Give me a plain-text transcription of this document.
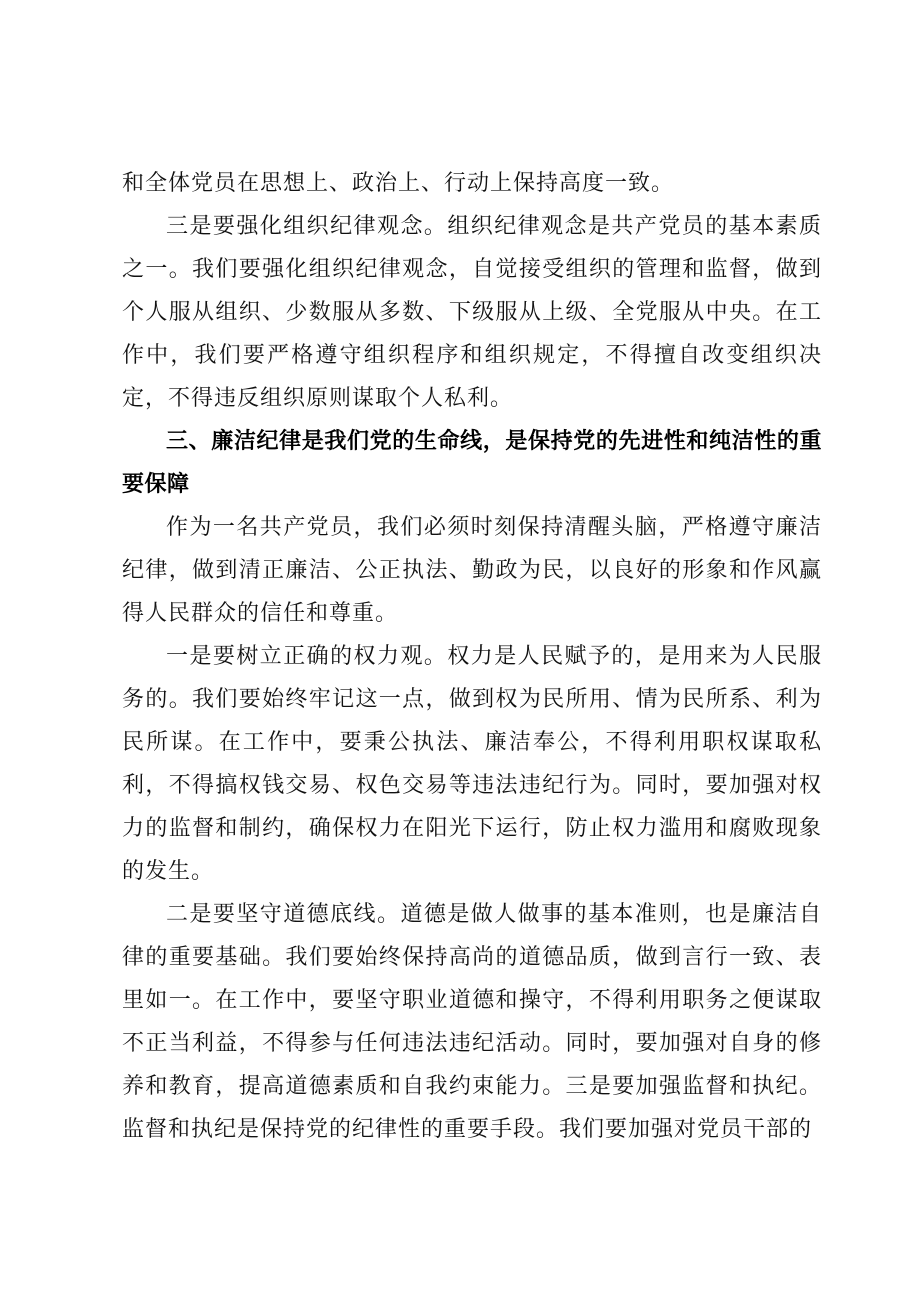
和全体党员在思想上、政治上、行动上保持高度一致。

三是要强化组织纪律观念。组织纪律观念是共产党员的基本素质之一。我们要强化组织纪律观念，自觉接受组织的管理和监督，做到个人服从组织、少数服从多数、下级服从上级、全党服从中央。在工作中，我们要严格遵守组织程序和组织规定，不得擅自改变组织决定，不得违反组织原则谋取个人私利。

三、廉洁纪律是我们党的生命线，是保持党的先进性和纯洁性的重要保障

作为一名共产党员，我们必须时刻保持清醒头脑，严格遵守廉洁纪律，做到清正廉洁、公正执法、勤政为民，以良好的形象和作风赢得人民群众的信任和尊重。

一是要树立正确的权力观。权力是人民赋予的，是用来为人民服务的。我们要始终牢记这一点，做到权为民所用、情为民所系、利为民所谋。在工作中，要秉公执法、廉洁奉公，不得利用职权谋取私利，不得搞权钱交易、权色交易等违法违纪行为。同时，要加强对权力的监督和制约，确保权力在阳光下运行，防止权力滥用和腐败现象的发生。

二是要坚守道德底线。道德是做人做事的基本准则，也是廉洁自律的重要基础。我们要始终保持高尚的道德品质，做到言行一致、表里如一。在工作中，要坚守职业道德和操守，不得利用职务之便谋取不正当利益，不得参与任何违法违纪活动。同时，要加强对自身的修养和教育，提高道德素质和自我约束能力。三是要加强监督和执纪。监督和执纪是保持党的纪律性的重要手段。我们要加强对党员干部的
